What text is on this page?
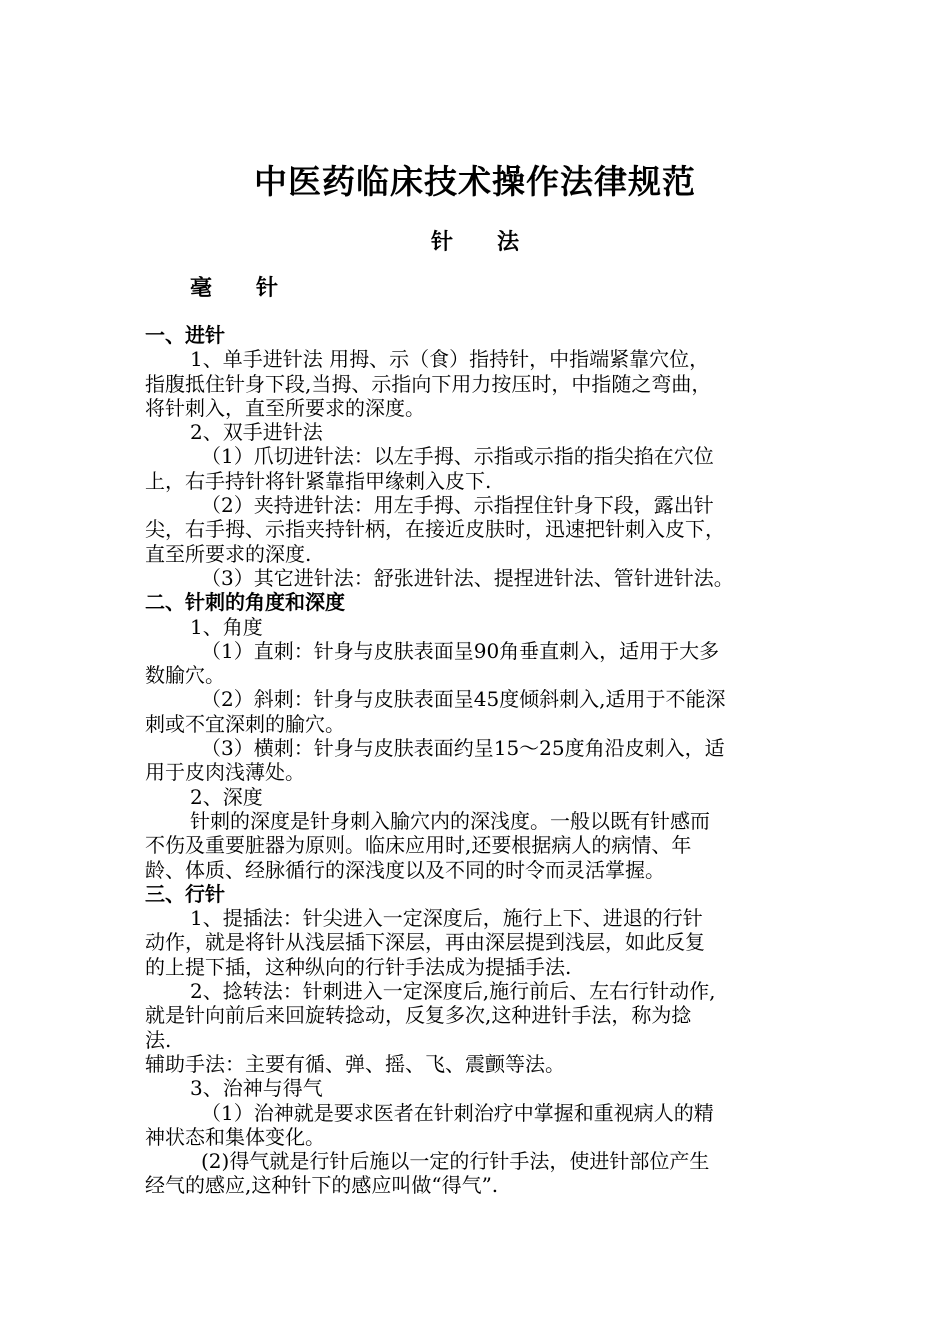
中医药临床技术操作法律规范
针　　法
毫　　针
一、进针
1、单手进针法 用拇、示（食）指持针，中指端紧靠穴位，
指腹抵住针身下段,当拇、示指向下用力按压时，中指随之弯曲，
将针刺入，直至所要求的深度。
2、双手进针法
（1）爪切进针法：以左手拇、示指或示指的指尖掐在穴位
上，右手持针将针紧靠指甲缘刺入皮下.
（2）夹持进针法：用左手拇、示指捏住针身下段，露出针
尖，右手拇、示指夹持针柄，在接近皮肤时，迅速把针刺入皮下，
直至所要求的深度.
（3）其它进针法：舒张进针法、提捏进针法、管针进针法。
二、针刺的角度和深度
1、角度
（1）直刺：针身与皮肤表面呈90角垂直刺入，适用于大多
数腧穴。
（2）斜刺：针身与皮肤表面呈45度倾斜刺入,适用于不能深
刺或不宜深刺的腧穴。
（3）横刺：针身与皮肤表面约呈15～25度角沿皮刺入，适
用于皮肉浅薄处。
2、深度
针刺的深度是针身刺入腧穴内的深浅度。一般以既有针感而
不伤及重要脏器为原则。临床应用时,还要根据病人的病情、年
龄、体质、经脉循行的深浅度以及不同的时令而灵活掌握。
三、行针
1、提插法：针尖进入一定深度后，施行上下、进退的行针
动作，就是将针从浅层插下深层，再由深层提到浅层，如此反复
的上提下插，这种纵向的行针手法成为提插手法.
2、捻转法：针刺进入一定深度后,施行前后、左右行针动作,
就是针向前后来回旋转捻动，反复多次,这种进针手法，称为捻
法.
辅助手法：主要有循、弹、摇、飞、震颤等法。
3、治神与得气
（1）治神就是要求医者在针刺治疗中掌握和重视病人的精
神状态和集体变化。
(2)得气就是行针后施以一定的行针手法，使进针部位产生
经气的感应,这种针下的感应叫做“得气”.
